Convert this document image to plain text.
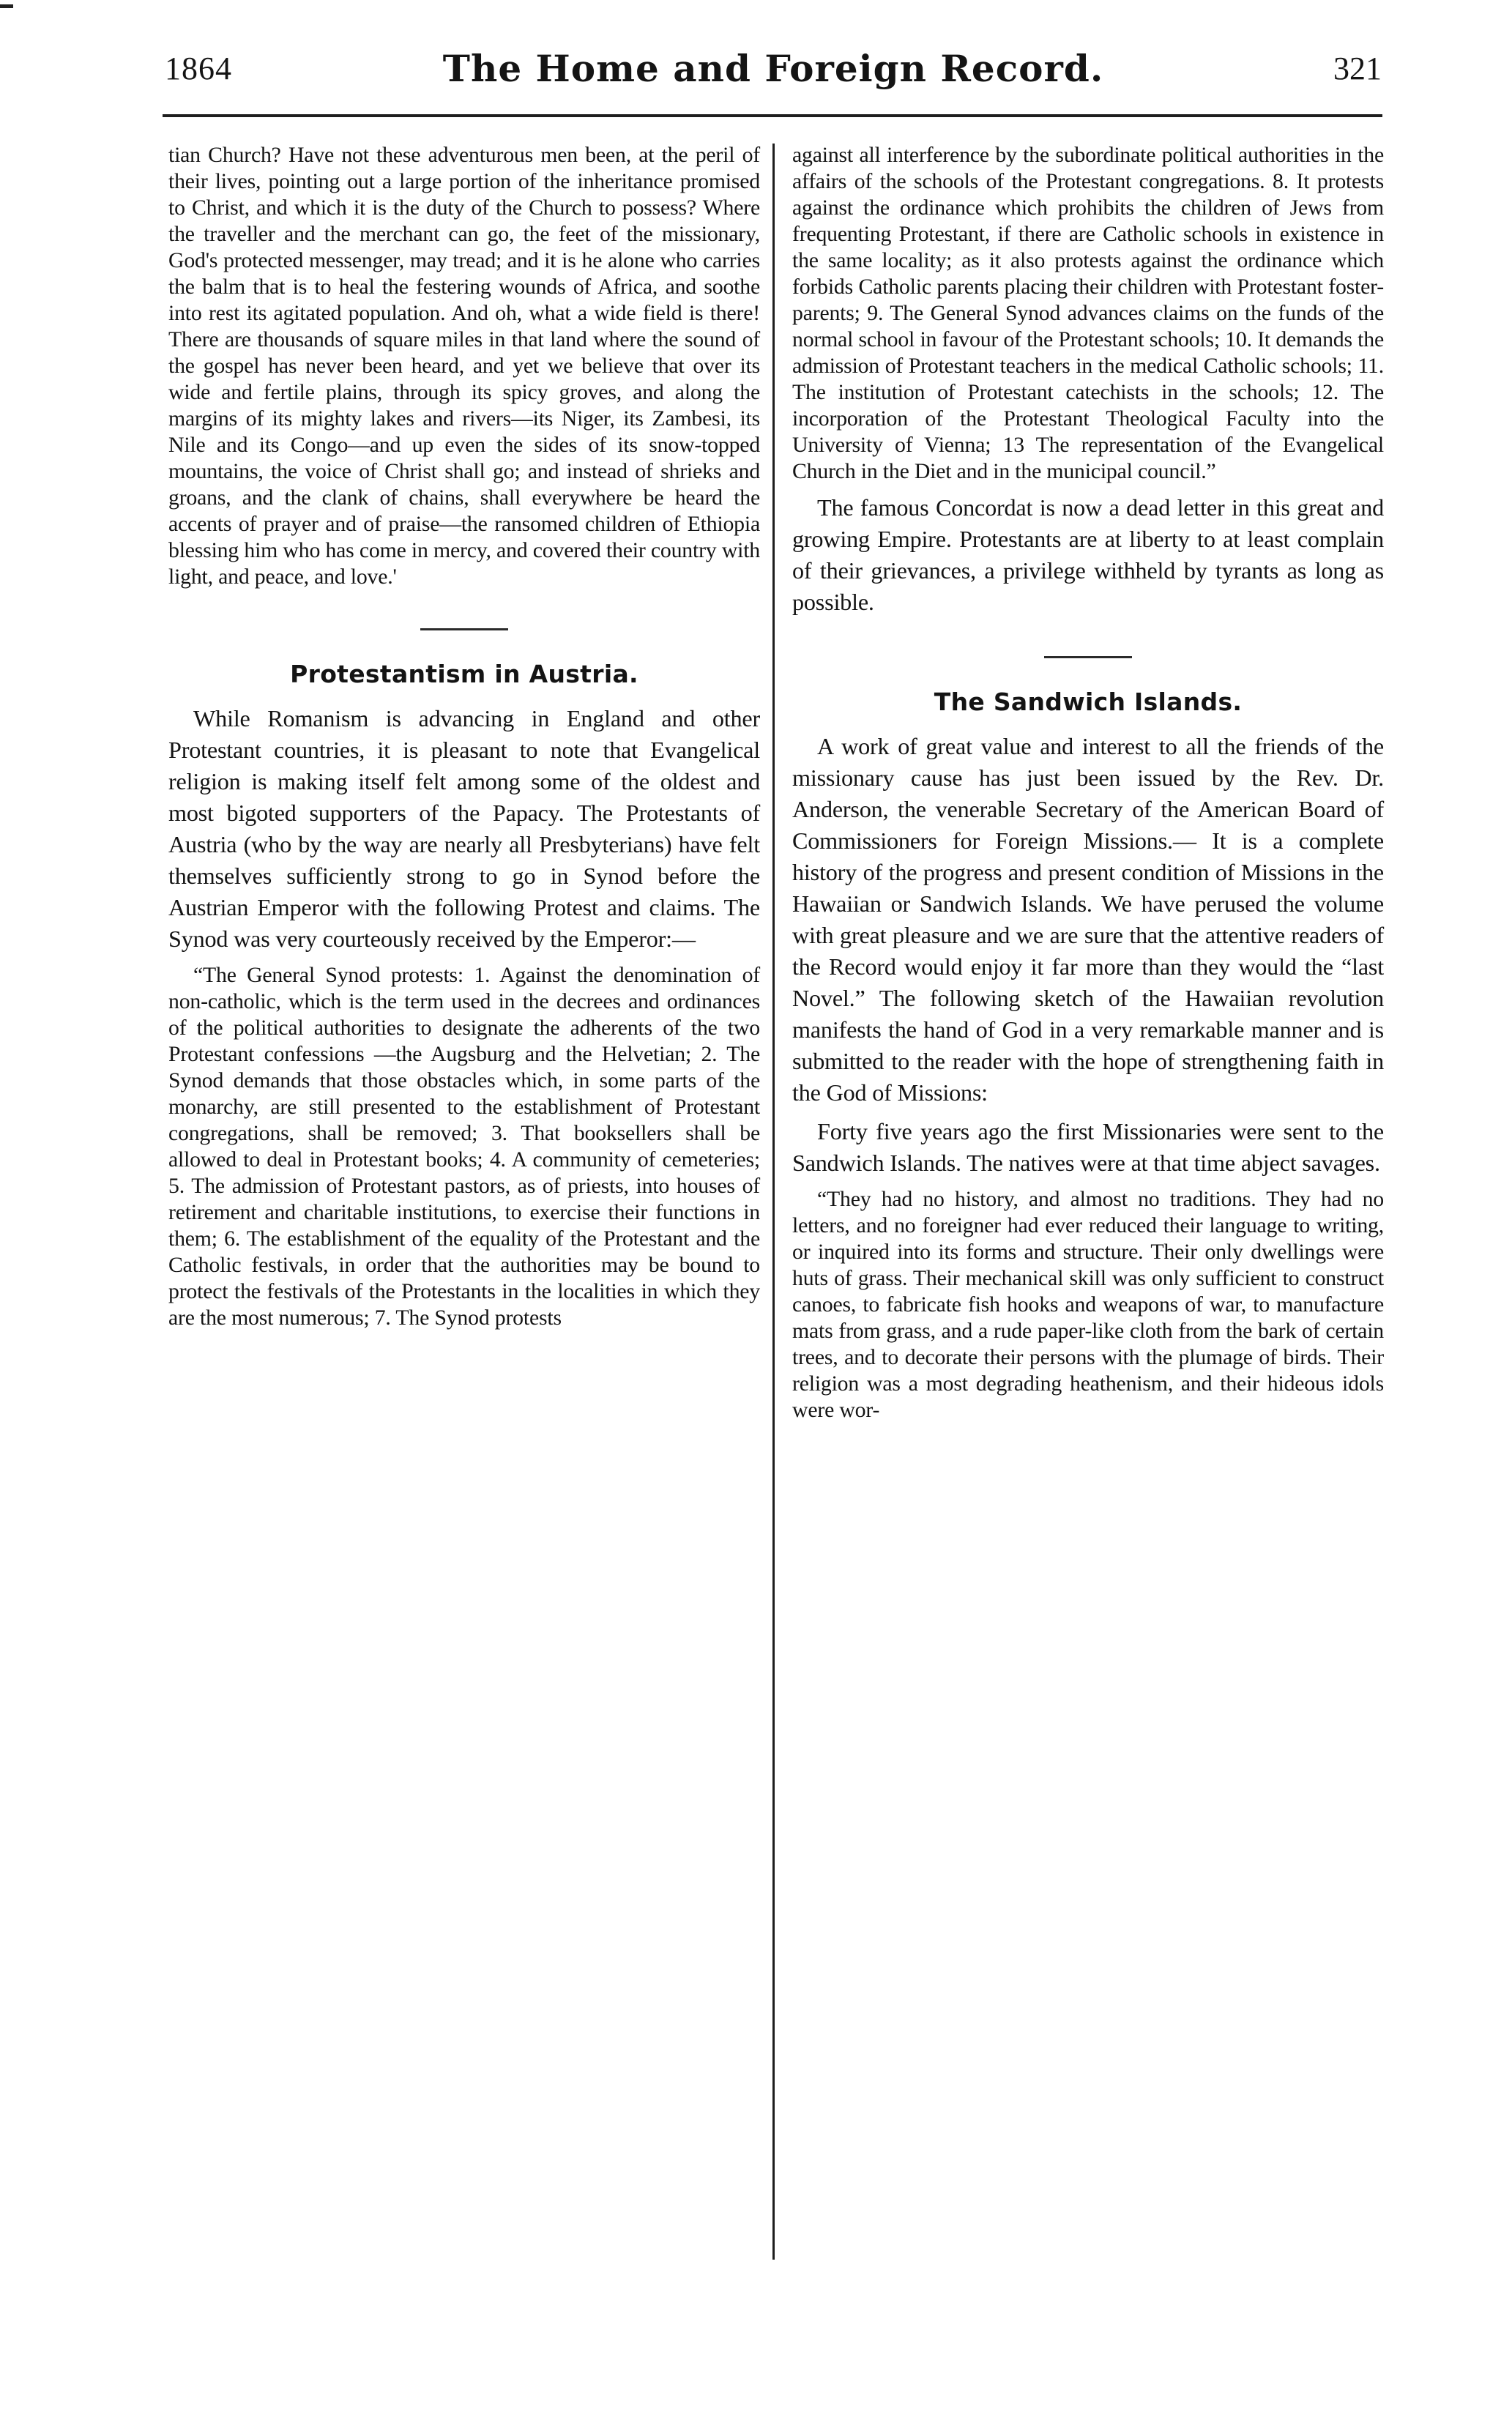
1864	The Home and Foreign Record.	321

tian Church? Have not these adventurous men been, at the peril of their lives, pointing out a large portion of the inheritance promised to Christ, and which it is the duty of the Church to possess? Where the traveller and the merchant can go, the feet of the missionary, God's protected messenger, may tread; and it is he alone who carries the balm that is to heal the festering wounds of Africa, and soothe into rest its agitated population. And oh, what a wide field is there! There are thousands of square miles in that land where the sound of the gospel has never been heard, and yet we believe that over its wide and fertile plains, through its spicy groves, and along the margins of its mighty lakes and rivers—its Niger, its Zambesi, its Nile and its Congo—and up even the sides of its snow-topped mountains, the voice of Christ shall go; and instead of shrieks and groans, and the clank of chains, shall everywhere be heard the accents of prayer and of praise—the ransomed children of Ethiopia blessing him who has come in mercy, and covered their country with light, and peace, and love.'

Protestantism in Austria.

While Romanism is advancing in England and other Protestant countries, it is pleasant to note that Evangelical religion is making itself felt among some of the oldest and most bigoted supporters of the Papacy. The Protestants of Austria (who by the way are nearly all Presbyterians) have felt themselves sufficiently strong to go in Synod before the Austrian Emperor with the following Protest and claims. The Synod was very courteously received by the Emperor:—

“The General Synod protests: 1. Against the denomination of non-catholic, which is the term used in the decrees and ordinances of the political authorities to designate the adherents of the two Protestant confessions —the Augsburg and the Helvetian; 2. The Synod demands that those obstacles which, in some parts of the monarchy, are still presented to the establishment of Protestant congregations, shall be removed; 3. That booksellers shall be allowed to deal in Protestant books; 4. A community of cemeteries; 5. The admission of Protestant pastors, as of priests, into houses of retirement and charitable institutions, to exercise their functions in them; 6. The establishment of the equality of the Protestant and the Catholic festivals, in order that the authorities may be bound to protect the festivals of the Protestants in the localities in which they are the most numerous; 7. The Synod protests

against all interference by the subordinate political authorities in the affairs of the schools of the Protestant congregations. 8. It protests against the ordinance which prohibits the children of Jews from frequenting Protestant, if there are Catholic schools in existence in the same locality; as it also protests against the ordinance which forbids Catholic parents placing their children with Protestant foster-parents; 9. The General Synod advances claims on the funds of the normal school in favour of the Protestant schools; 10. It demands the admission of Protestant teachers in the medical Catholic schools; 11. The institution of Protestant catechists in the schools; 12. The incorporation of the Protestant Theological Faculty into the University of Vienna; 13 The representation of the Evangelical Church in the Diet and in the municipal council.”

The famous Concordat is now a dead letter in this great and growing Empire. Protestants are at liberty to at least complain of their grievances, a privilege withheld by tyrants as long as possible.

The Sandwich Islands.

A work of great value and interest to all the friends of the missionary cause has just been issued by the Rev. Dr. Anderson, the venerable Secretary of the American Board of Commissioners for Foreign Missions.— It is a complete history of the progress and present condition of Missions in the Hawaiian or Sandwich Islands. We have perused the volume with great pleasure and we are sure that the attentive readers of the Record would enjoy it far more than they would the “last Novel.” The following sketch of the Hawaiian revolution manifests the hand of God in a very remarkable manner and is submitted to the reader with the hope of strengthening faith in the God of Missions:

Forty five years ago the first Missionaries were sent to the Sandwich Islands. The natives were at that time abject savages.

“They had no history, and almost no traditions. They had no letters, and no foreigner had ever reduced their language to writing, or inquired into its forms and structure. Their only dwellings were huts of grass. Their mechanical skill was only sufficient to construct canoes, to fabricate fish hooks and weapons of war, to manufacture mats from grass, and a rude paper-like cloth from the bark of certain trees, and to decorate their persons with the plumage of birds. Their religion was a most degrading heathenism, and their hideous idols were wor-
